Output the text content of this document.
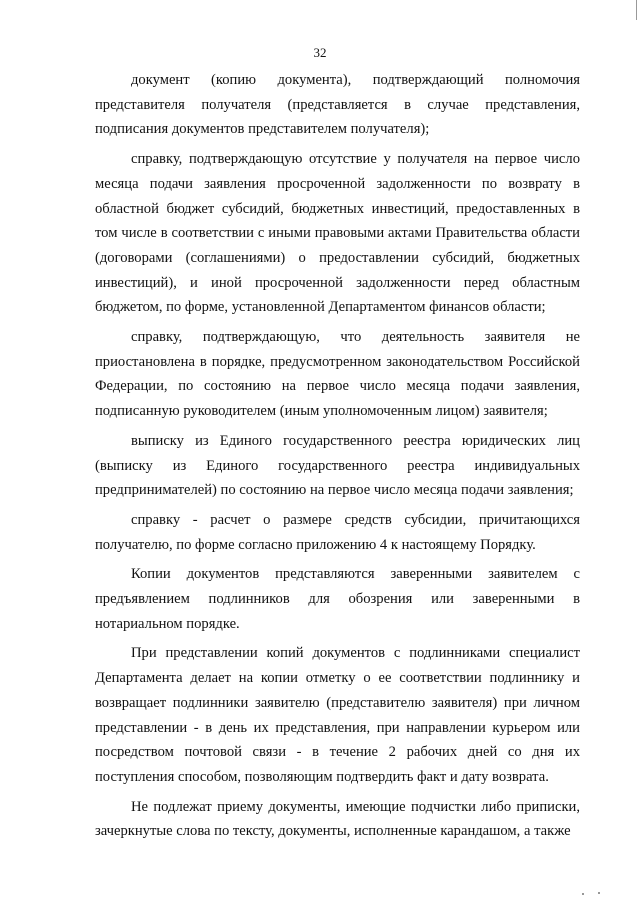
32

документ (копию документа), подтверждающий полномочия представителя получателя (представляется в случае представления, подписания документов представителем получателя);

справку, подтверждающую отсутствие у получателя на первое число месяца подачи заявления просроченной задолженности по возврату в областной бюджет субсидий, бюджетных инвестиций, предоставленных в том числе в соответствии с иными правовыми актами Правительства области (договорами (соглашениями) о предоставлении субсидий, бюджетных инвестиций), и иной просроченной задолженности перед областным бюджетом, по форме, установленной Департаментом финансов области;

справку, подтверждающую, что деятельность заявителя не приостановлена в порядке, предусмотренном законодательством Российской Федерации, по состоянию на первое число месяца подачи заявления, подписанную руководителем (иным уполномоченным лицом) заявителя;

выписку из Единого государственного реестра юридических лиц (выписку из Единого государственного реестра индивидуальных предпринимателей) по состоянию на первое число месяца подачи заявления;

справку - расчет о размере средств субсидии, причитающихся получателю, по форме согласно приложению 4 к настоящему Порядку.

Копии документов представляются заверенными заявителем с предъявлением подлинников для обозрения или заверенными в нотариальном порядке.

При представлении копий документов с подлинниками специалист Департамента делает на копии отметку о ее соответствии подлиннику и возвращает подлинники заявителю (представителю заявителя) при личном представлении - в день их представления, при направлении курьером или посредством почтовой связи - в течение 2 рабочих дней со дня их поступления способом, позволяющим подтвердить факт и дату возврата.

Не подлежат приему документы, имеющие подчистки либо приписки, зачеркнутые слова по тексту, документы, исполненные карандашом, а также
